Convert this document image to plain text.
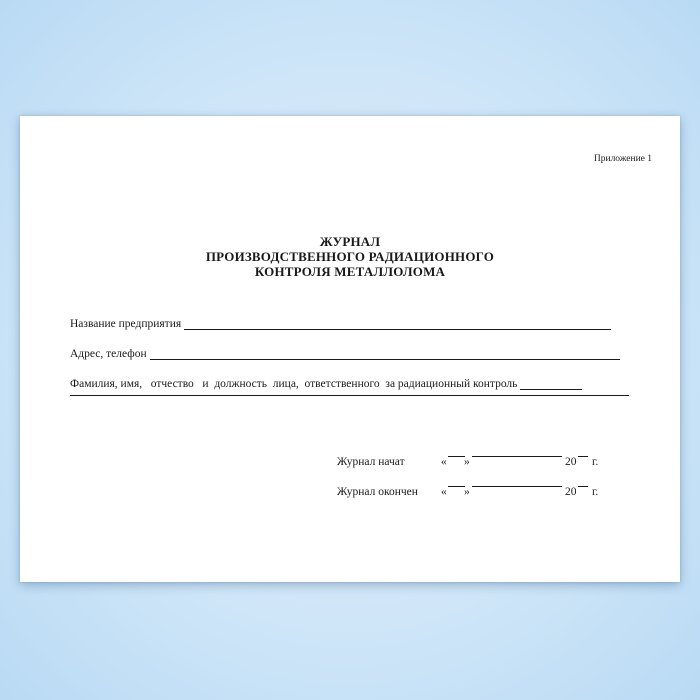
Приложение 1
ЖУРНАЛ
ПРОИЗВОДСТВЕННОГО РАДИАЦИОННОГО
КОНТРОЛЯ МЕТАЛЛОЛОМА
Название предприятия
Адрес, телефон
Фамилия, имя,   отчество   и  должность  лица,  ответственного  за радиационный контроль
Журнал начат	« »	20 г.
Журнал окончен « »	20 г.
